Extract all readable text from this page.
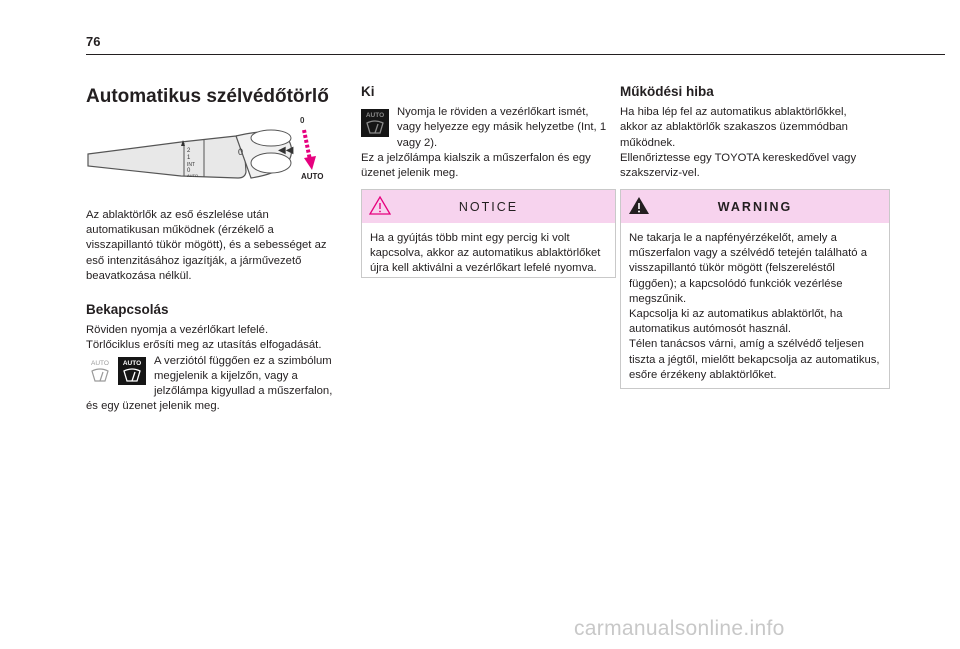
76
Automatikus szélvédőtörlő
2
1
INT
0
AUTO
0	◀◀
0
AUTO

Az ablaktörlők az eső észlelése után automatikusan működnek (érzékelő a visszapillantó tükör mögött), és a sebességet az eső intenzitásához igazítják, a járművezető beavatkozása nélkül.

Bekapcsolás

Röviden nyomja a vezérlőkart lefelé.

Törlőciklus erősíti meg az utasítás elfogadását.

AUTO AUTO	A verziótól függően ez a szimbólum megjelenik a kijelzőn, vagy a jelzőlámpa kigyullad a műszerfalon, és egy üzenet jelenik meg.

Ki
AUTO	Nyomja le röviden a vezérlőkart ismét, vagy helyezze egy másik helyzetbe (Int, 1 vagy 2).

Ez a jelzőlámpa kialszik a műszerfalon és egy üzenet jelenik meg.

NOTICE
Ha a gyújtás több mint egy percig ki volt kapcsolva, akkor az automatikus ablaktörlőket újra kell aktiválni a vezérlőkart lefelé nyomva.
Működési hiba

Ha hiba lép fel az automatikus ablaktörlőkkel, akkor az ablaktörlők szakaszos üzemmódban működnek.

Ellenőriztesse egy TOYOTA kereskedővel vagy szakszerviz-vel.

WARNING

Ne takarja le a napfényérzékelőt, amely a műszerfalon vagy a szélvédő tetején található a visszapillantó tükör mögött (felszereléstől függően); a kapcsolódó funkciók vezérlése megszűnik.

Kapcsolja ki az automatikus ablaktörlőt, ha automatikus autómosót használ.

Télen tanácsos várni, amíg a szélvédő teljesen tiszta a jégtől, mielőtt bekapcsolja az automatikus, esőre érzékeny ablaktörlőket.

carmanualsonline.info
